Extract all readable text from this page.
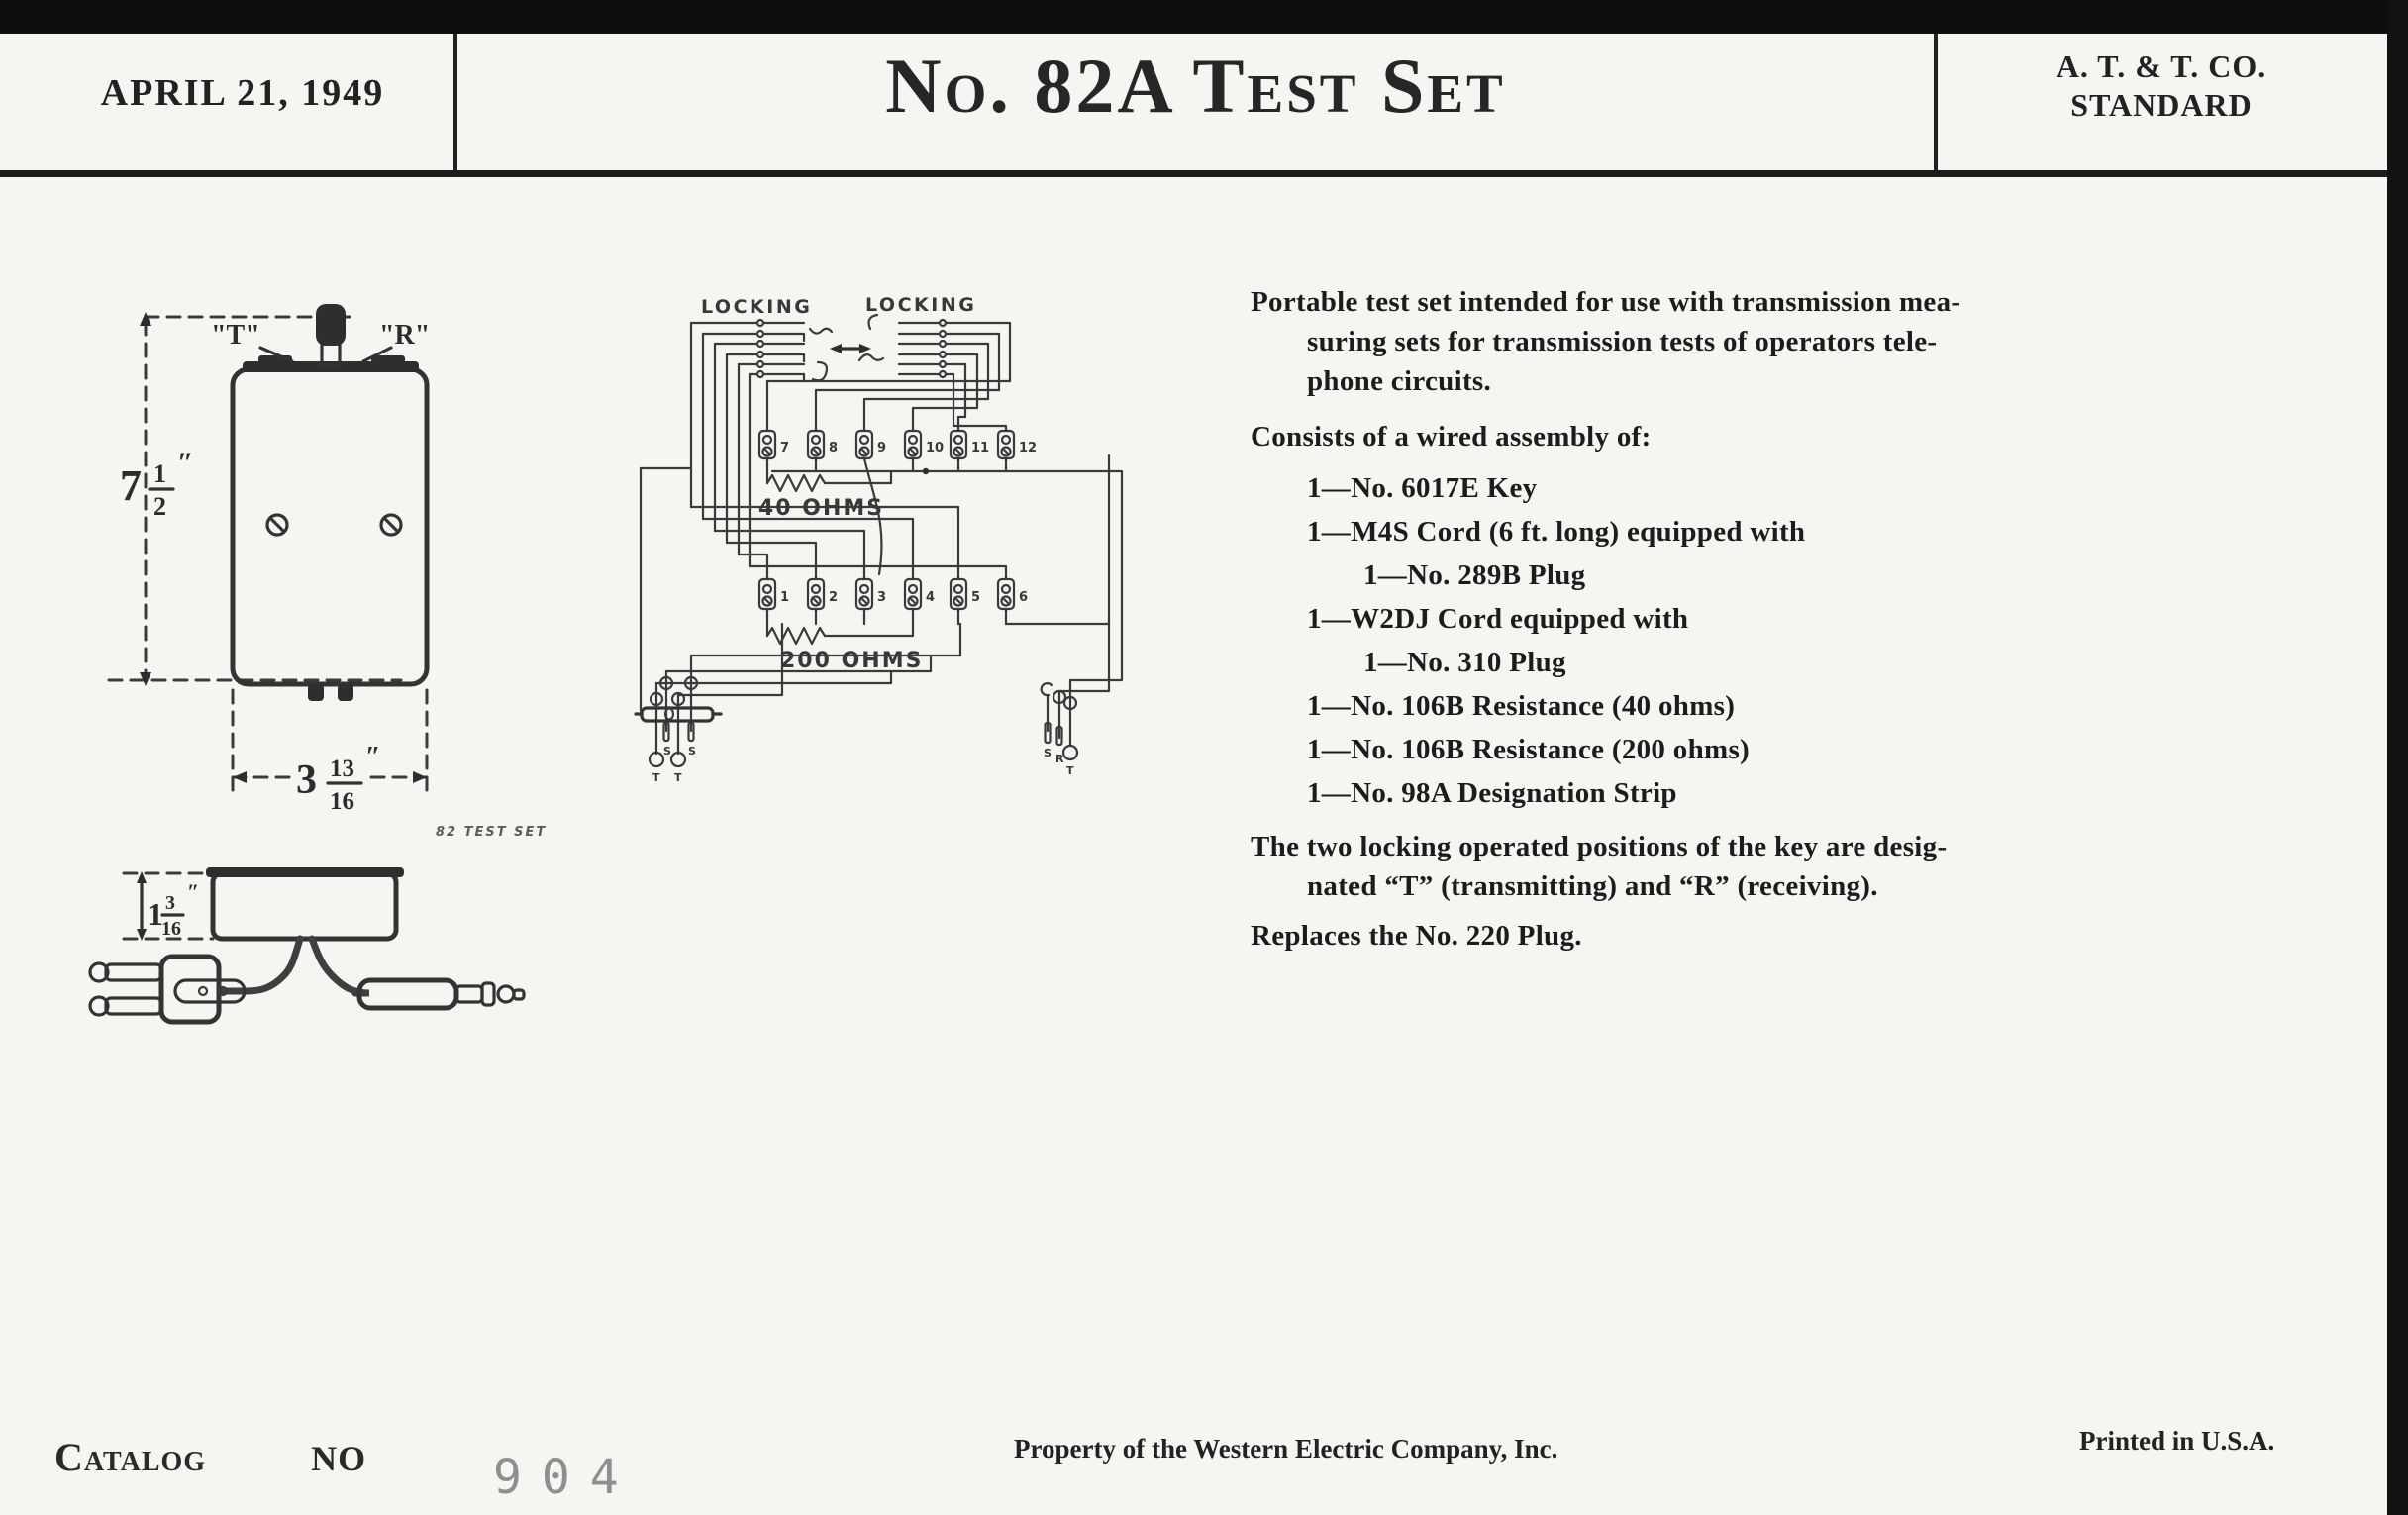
APRIL 21, 1949	No. 82A Test Set	A. T. & T. CO.
STANDARD
7 1
2
″
"T"	"R"
3 13
16
″
82 TEST SET
1 3
16
″
LOCKING	LOCKING
7	8	9	10 11 12
40 OHMS
1	2	3	4	5	6
200 OHMS
S S
T T
S R
T
Portable test set intended for use with transmission mea-
suring sets for transmission tests of operators tele-
phone circuits.
Consists of a wired assembly of:
1—No. 6017E Key
1—M4S Cord (6 ft. long) equipped with
1—No. 289B Plug
1—W2DJ Cord equipped with
1—No. 310 Plug
1—No. 106B Resistance (40 ohms)
1—No. 106B Resistance (200 ohms)
1—No. 98A Designation Strip
The two locking operated positions of the key are desig-
nated “T” (transmitting) and “R” (receiving).
Replaces the No. 220 Plug.
Catalog	NO	904
Property of the Western Electric Company, Inc.	Printed in U.S.A.
